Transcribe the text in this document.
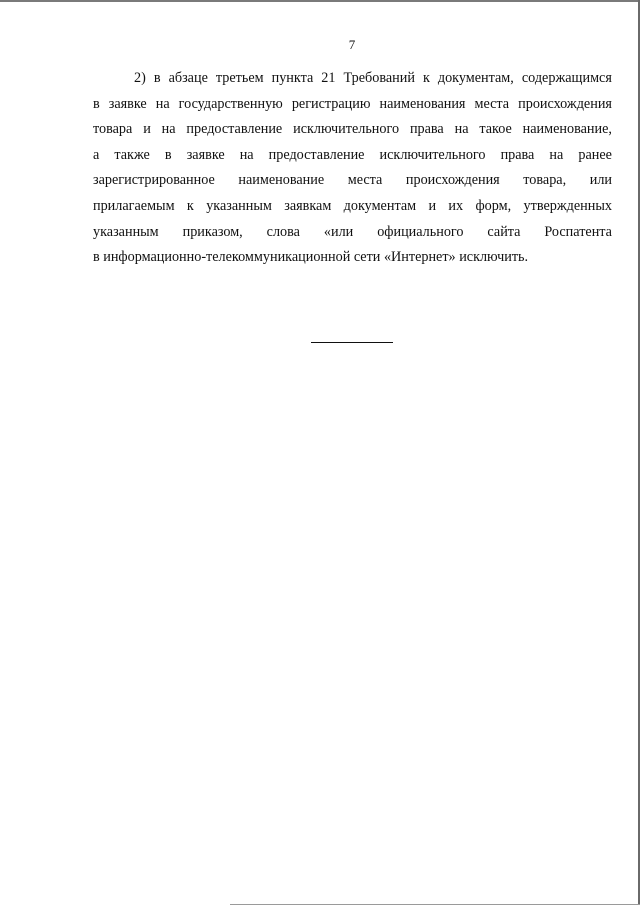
7
2) в абзаце третьем пункта 21 Требований к документам, содержащимся
в заявке на государственную регистрацию наименования места происхождения
товара и на предоставление исключительного права на такое наименование,
а также в заявке на предоставление исключительного права на ранее
зарегистрированное наименование места происхождения товара, или
прилагаемым к указанным заявкам документам и их форм, утвержденных
указанным приказом, слова «или официального сайта Роспатента
в информационно-телекоммуникационной сети «Интернет» исключить.
